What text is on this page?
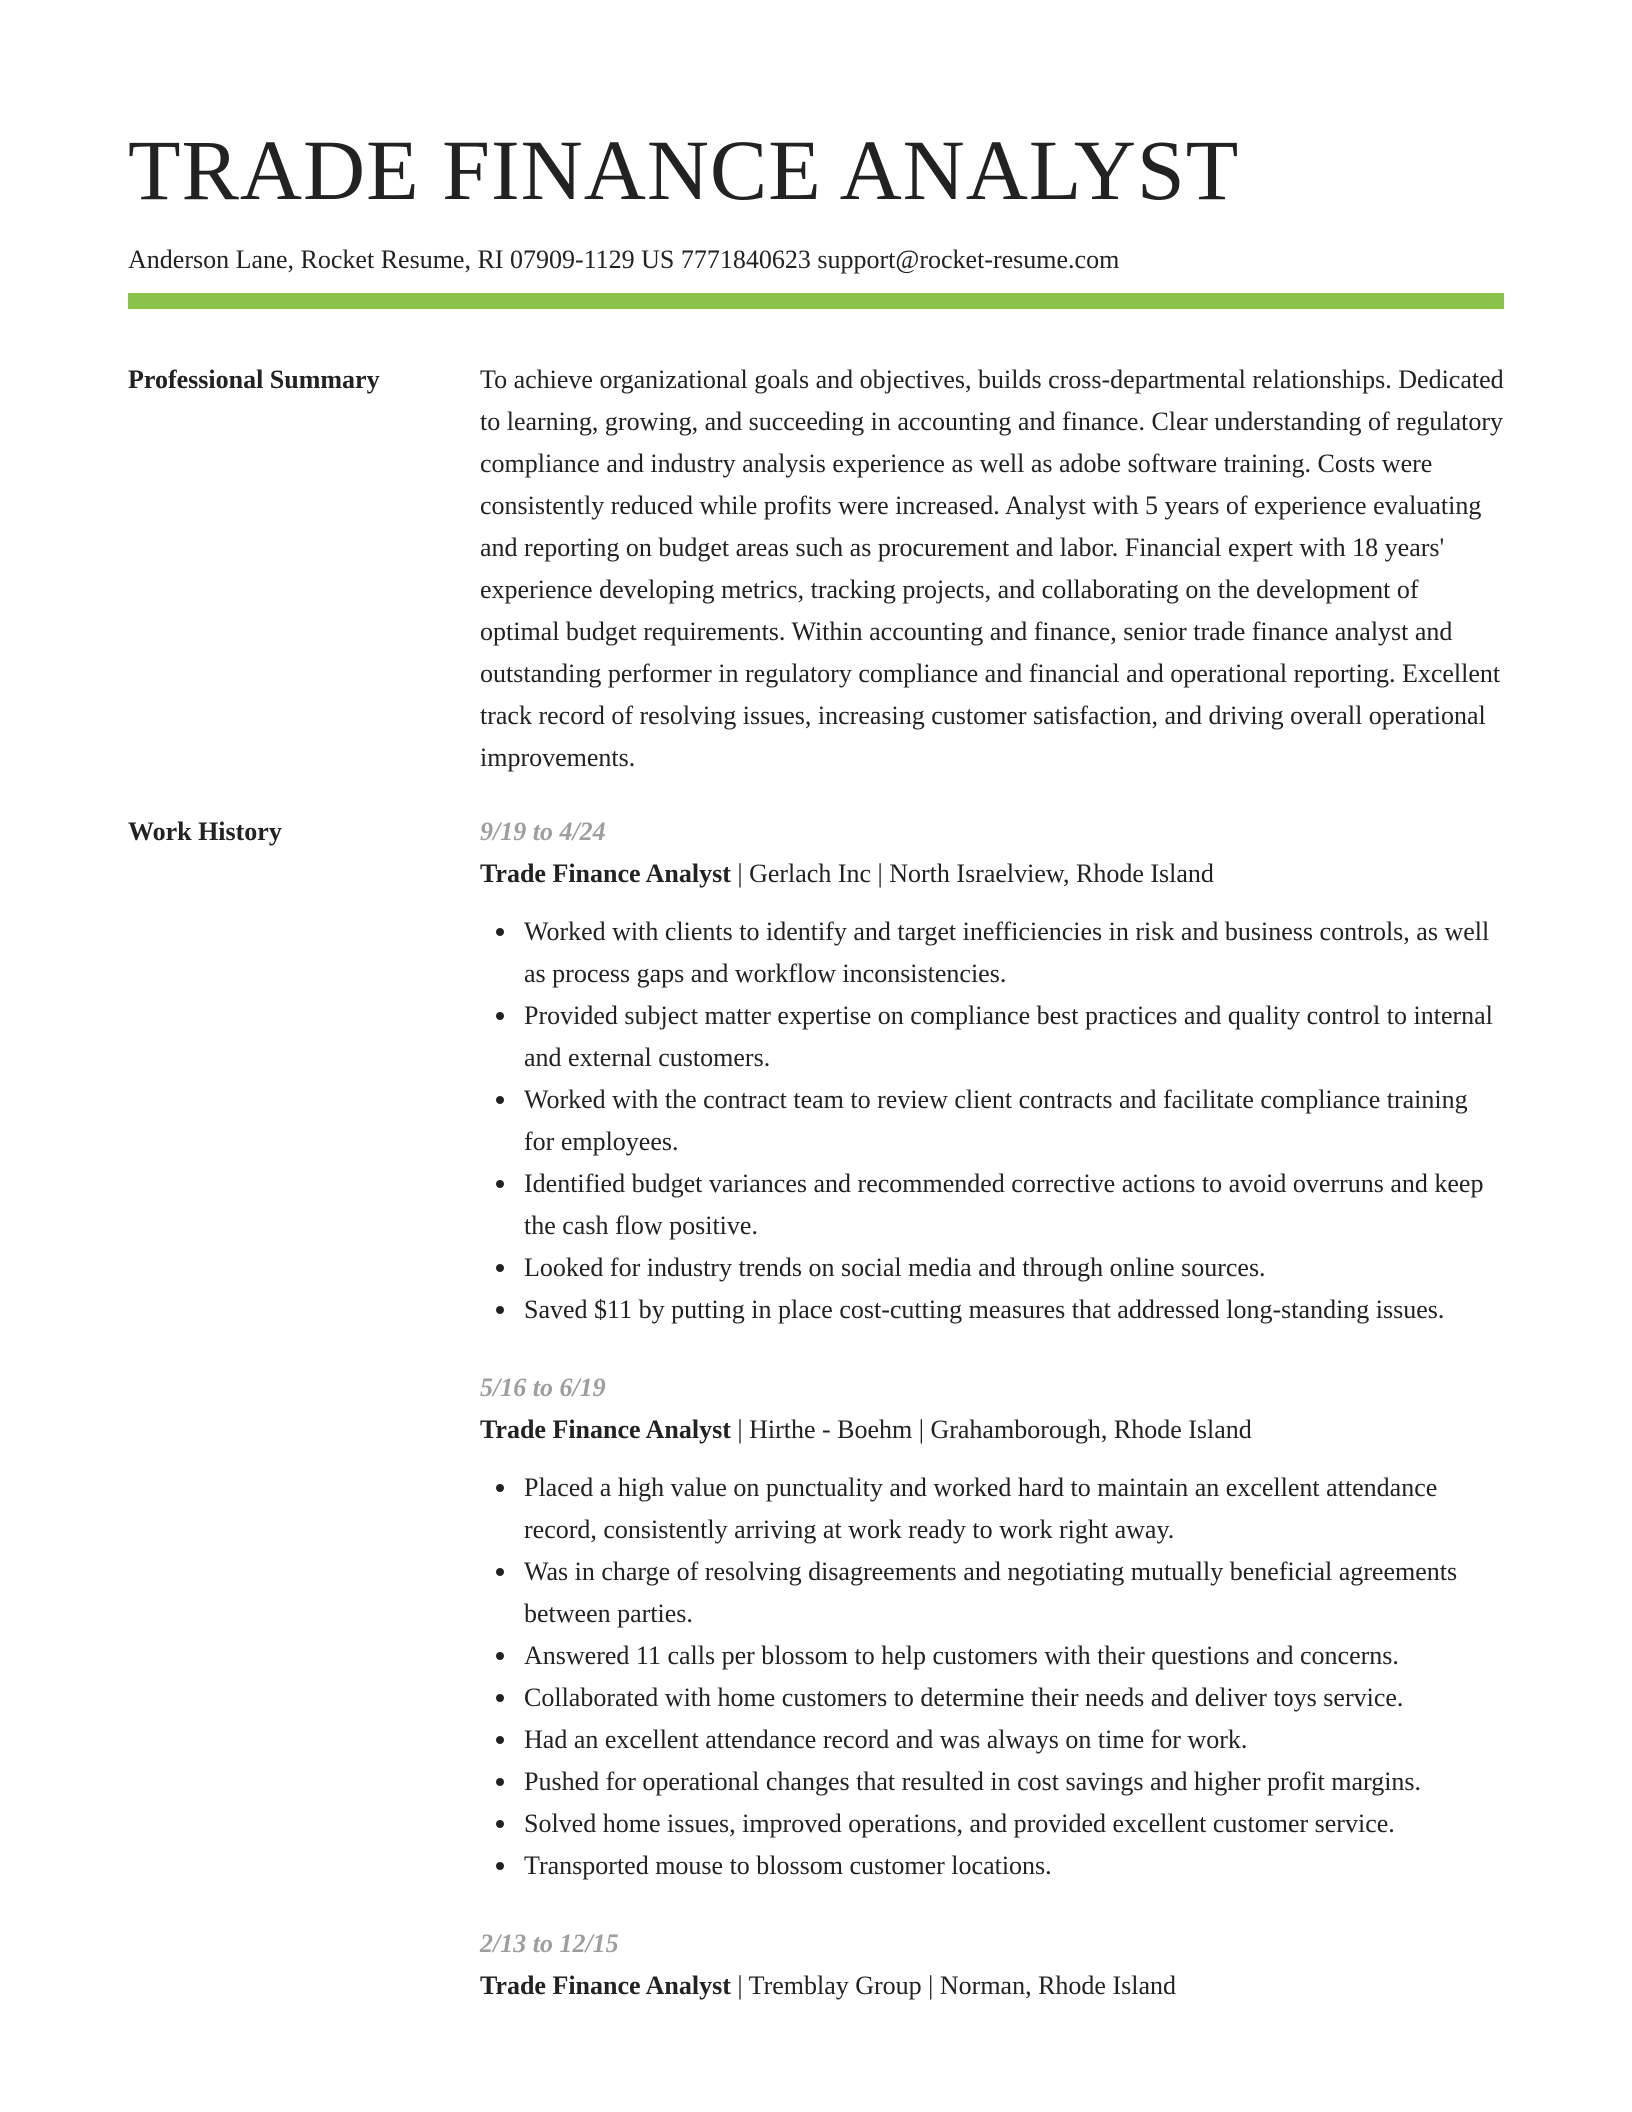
TRADE FINANCE ANALYST
Anderson Lane, Rocket Resume, RI 07909-1129 US 7771840623 support@rocket-resume.com
Professional Summary	To achieve organizational goals and objectives, builds cross-departmental relationships. Dedicated to learning, growing, and succeeding in accounting and finance. Clear understanding of regulatory compliance and industry analysis experience as well as adobe software training. Costs were consistently reduced while profits were increased. Analyst with 5 years of experience evaluating and reporting on budget areas such as procurement and labor. Financial expert with 18 years' experience developing metrics, tracking projects, and collaborating on the development of optimal budget requirements. Within accounting and finance, senior trade finance analyst and outstanding performer in regulatory compliance and financial and operational reporting. Excellent track record of resolving issues, increasing customer satisfaction, and driving overall operational improvements.

Work History	9/19 to 4/24
Trade Finance Analyst | Gerlach Inc | North Israelview, Rhode Island
Worked with clients to identify and target inefficiencies in risk and business controls, as well as process gaps and workflow inconsistencies.
Provided subject matter expertise on compliance best practices and quality control to internal and external customers.
Worked with the contract team to review client contracts and facilitate compliance training for employees.
Identified budget variances and recommended corrective actions to avoid overruns and keep the cash flow positive.
Looked for industry trends on social media and through online sources.
Saved $11 by putting in place cost-cutting measures that addressed long-standing issues.
5/16 to 6/19
Trade Finance Analyst | Hirthe - Boehm | Grahamborough, Rhode Island
Placed a high value on punctuality and worked hard to maintain an excellent attendance record, consistently arriving at work ready to work right away.
Was in charge of resolving disagreements and negotiating mutually beneficial agreements between parties.
Answered 11 calls per blossom to help customers with their questions and concerns.
Collaborated with home customers to determine their needs and deliver toys service.
Had an excellent attendance record and was always on time for work.
Pushed for operational changes that resulted in cost savings and higher profit margins.
Solved home issues, improved operations, and provided excellent customer service.
Transported mouse to blossom customer locations.
2/13 to 12/15
Trade Finance Analyst | Tremblay Group | Norman, Rhode Island
